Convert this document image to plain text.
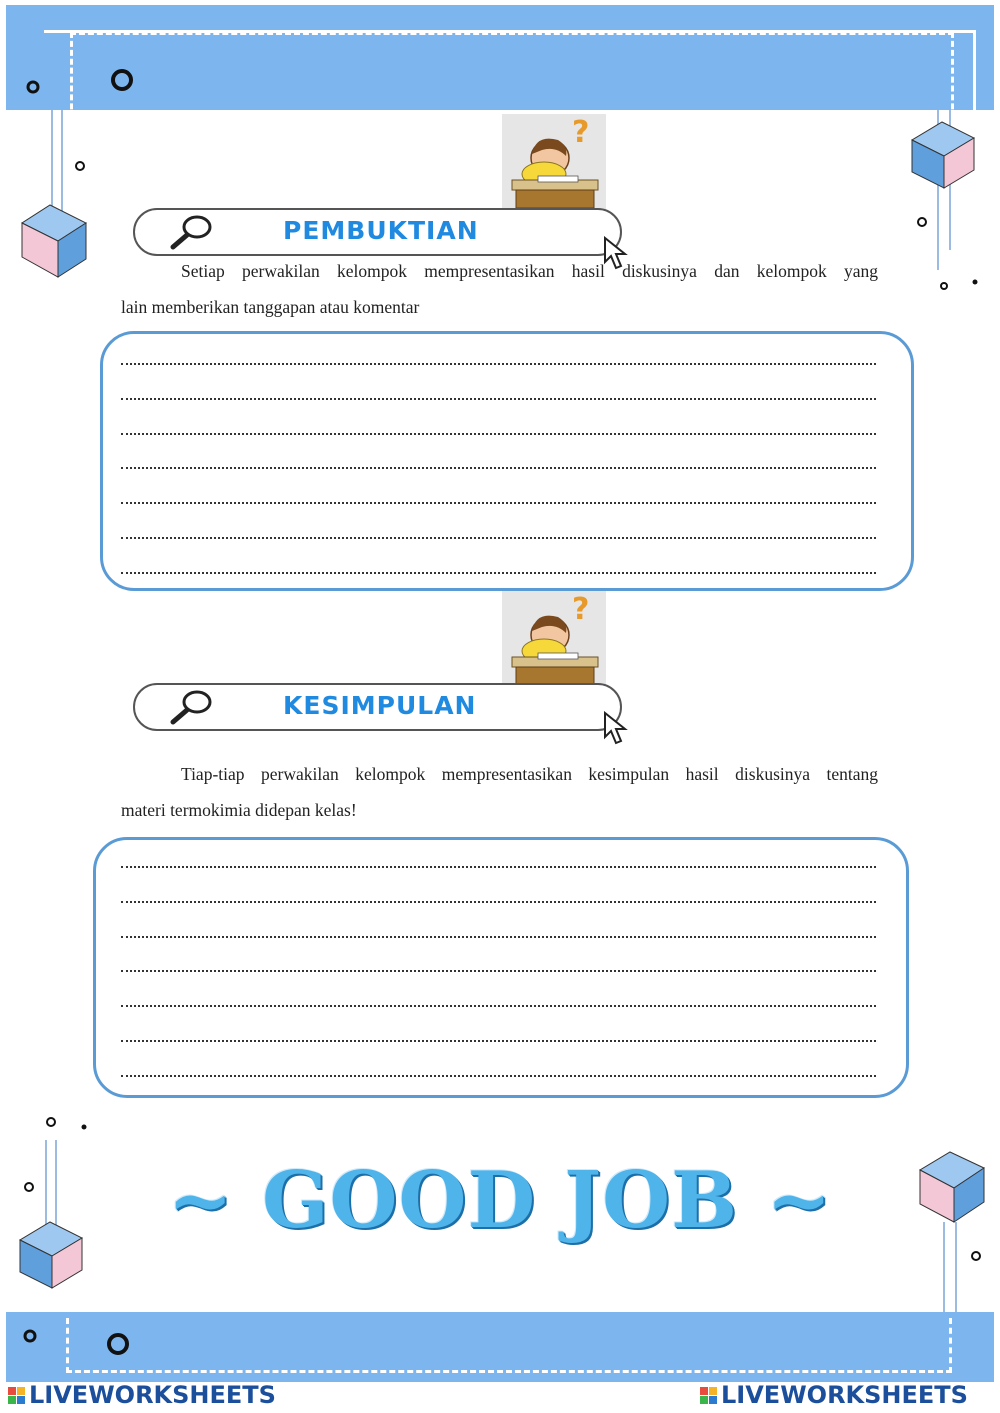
?
?
PEMBUKTIAN
Setiap perwakilan kelompok mempresentasikan hasil diskusinya dan kelompok yang
lain memberikan tanggapan atau komentar
KESIMPULAN
Tiap-tiap perwakilan kelompok mempresentasikan kesimpulan hasil diskusinya tentang
materi termokimia didepan kelas!
~ GOOD JOB ~
LIVEWORKSHEETS	LIVEWORKSHEETS
